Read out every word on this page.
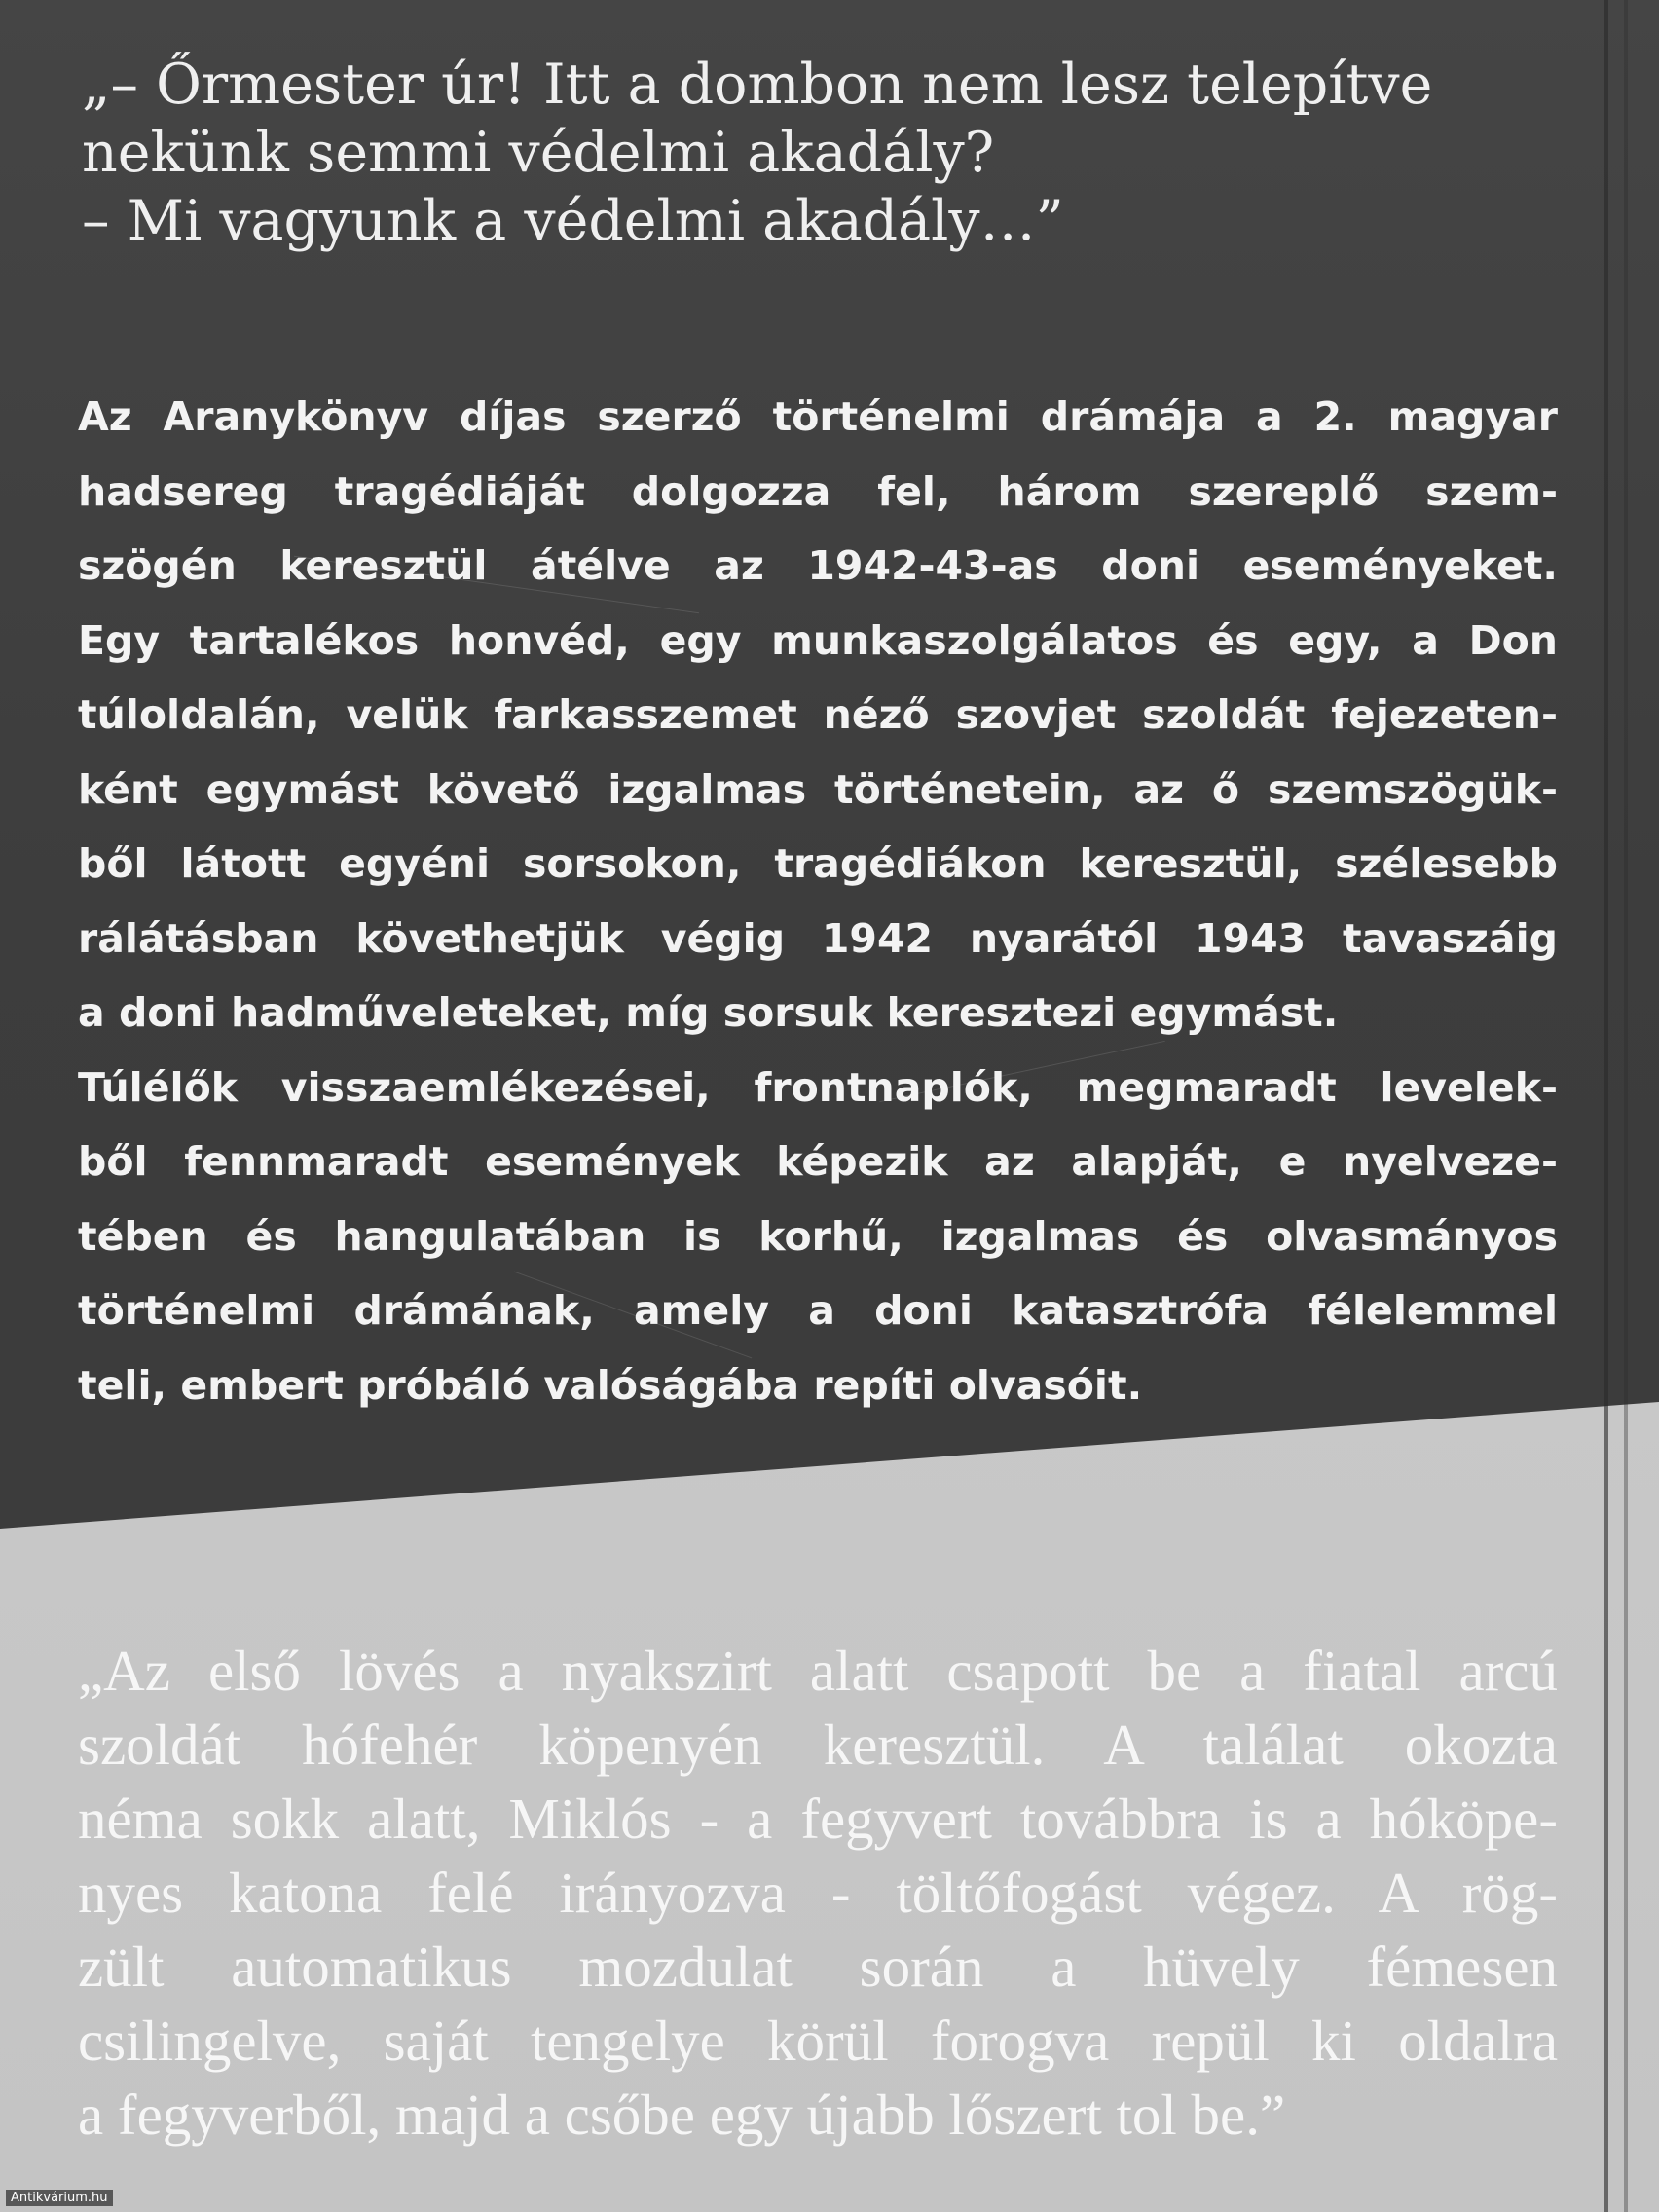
„– Őrmester úr! Itt a dombon nem lesz telepítve
nekünk semmi védelmi akadály?
– Mi vagyunk a védelmi akadály…”
Az Aranykönyv díjas szerző történelmi drámája a 2. magyar
hadsereg tragédiáját dolgozza fel, három szereplő szem-
szögén keresztül átélve az 1942-43-as doni eseményeket.
Egy tartalékos honvéd, egy munkaszolgálatos és egy, a Don
túloldalán, velük farkasszemet néző szovjet szoldát fejezeten-
ként egymást követő izgalmas történetein, az ő szemszögük-
ből látott egyéni sorsokon, tragédiákon keresztül, szélesebb
rálátásban követhetjük végig 1942 nyarától 1943 tavaszáig
a doni hadműveleteket, míg sorsuk keresztezi egymást.
Túlélők visszaemlékezései, frontnaplók, megmaradt levelek-
ből fennmaradt események képezik az alapját, e nyelveze-
tében és hangulatában is korhű, izgalmas és olvasmányos
történelmi drámának, amely a doni katasztrófa félelemmel
teli, embert próbáló valóságába repíti olvasóit.
„Az első lövés a nyakszirt alatt csapott be a fiatal arcú
szoldát hófehér köpenyén keresztül. A találat okozta
néma sokk alatt, Miklós - a fegyvert továbbra is a hóköpe-
nyes katona felé irányozva - töltőfogást végez. A rög-
zült automatikus mozdulat során a hüvely fémesen
csilingelve, saját tengelye körül forogva repül ki oldalra
a fegyverből, majd a csőbe egy újabb lőszert tol be.”
Antikvárium.hu
